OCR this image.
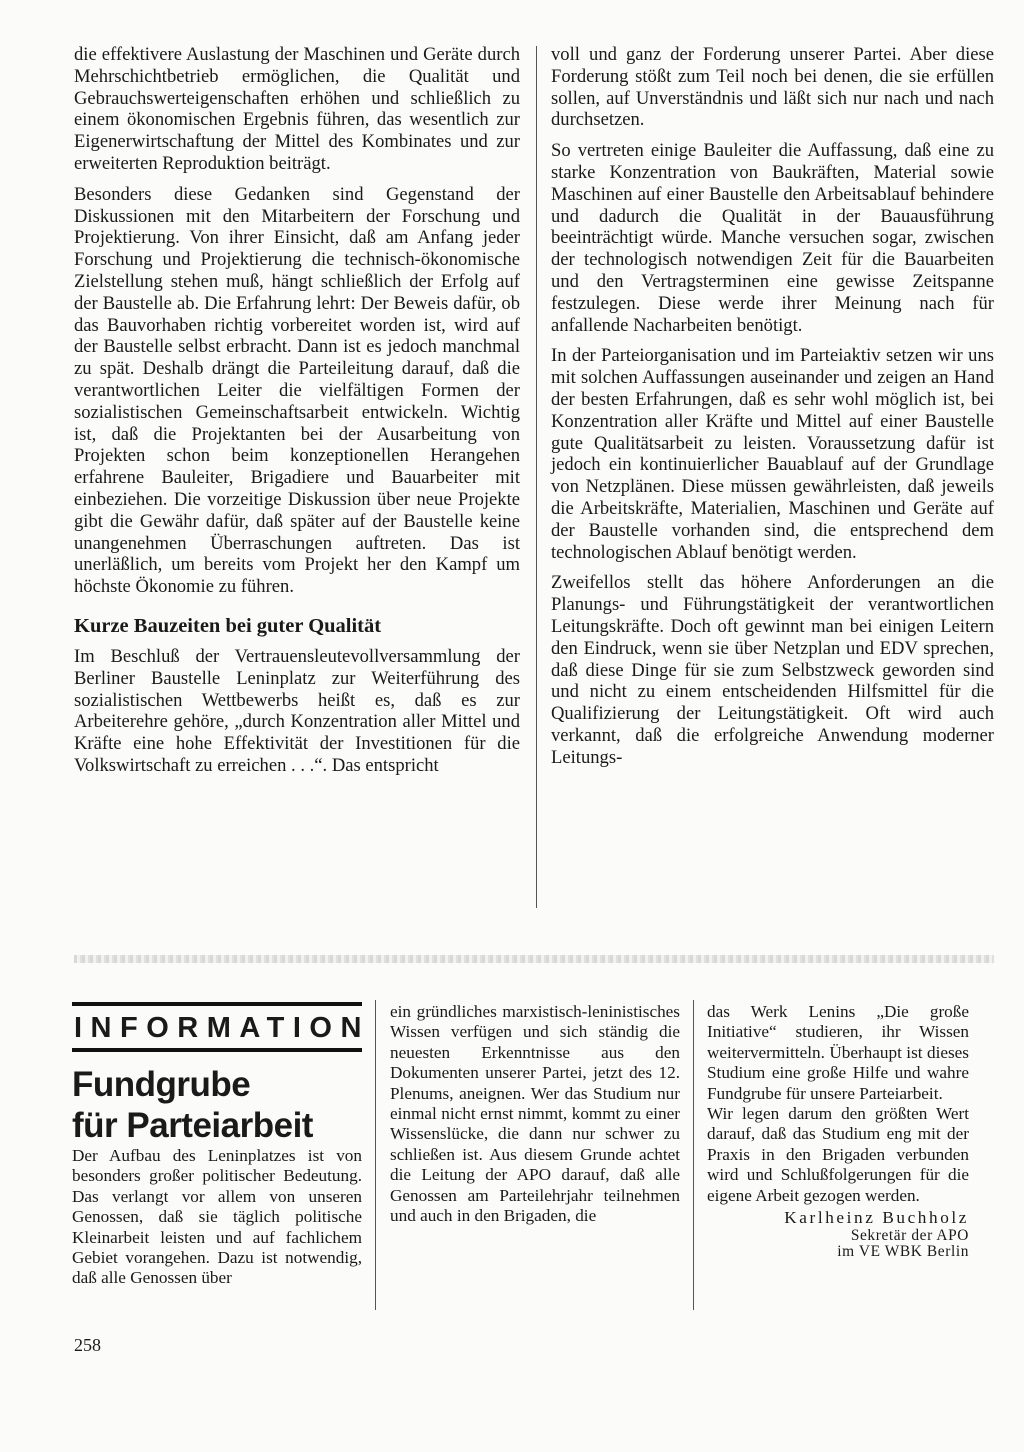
die effektivere Auslastung der Maschinen und Geräte durch Mehrschichtbetrieb ermöglichen, die Qualität und Gebrauchswerteigenschaften erhöhen und schließlich zu einem ökonomischen Ergebnis führen, das wesentlich zur Eigenerwirtschaftung der Mittel des Kombinates und zur erweiterten Reproduktion beiträgt.

Besonders diese Gedanken sind Gegenstand der Diskussionen mit den Mitarbeitern der Forschung und Projektierung. Von ihrer Einsicht, daß am Anfang jeder Forschung und Projektierung die technisch-ökonomische Zielstellung stehen muß, hängt schließlich der Erfolg auf der Baustelle ab. Die Erfahrung lehrt: Der Beweis dafür, ob das Bauvorhaben richtig vorbereitet worden ist, wird auf der Baustelle selbst erbracht. Dann ist es jedoch manchmal zu spät. Deshalb drängt die Parteileitung darauf, daß die verantwortlichen Leiter die vielfältigen Formen der sozialistischen Gemeinschaftsarbeit entwickeln. Wichtig ist, daß die Projektanten bei der Ausarbeitung von Projekten schon beim konzeptionellen Herangehen erfahrene Bauleiter, Brigadiere und Bauarbeiter mit einbeziehen. Die vorzeitige Diskussion über neue Projekte gibt die Gewähr dafür, daß später auf der Baustelle keine unangenehmen Überraschungen auftreten. Das ist unerläßlich, um bereits vom Projekt her den Kampf um höchste Ökonomie zu führen.

Kurze Bauzeiten bei guter Qualität

Im Beschluß der Vertrauensleutevollversammlung der Berliner Baustelle Leninplatz zur Weiterführung des sozialistischen Wettbewerbs heißt es, daß es zur Arbeiterehre gehöre, „durch Konzentration aller Mittel und Kräfte eine hohe Effektivität der Investitionen für die Volkswirtschaft zu erreichen . . .“. Das entspricht

voll und ganz der Forderung unserer Partei. Aber diese Forderung stößt zum Teil noch bei denen, die sie erfüllen sollen, auf Unverständnis und läßt sich nur nach und nach durchsetzen.

So vertreten einige Bauleiter die Auffassung, daß eine zu starke Konzentration von Baukräften, Material sowie Maschinen auf einer Baustelle den Arbeitsablauf behindere und dadurch die Qualität in der Bauausführung beeinträchtigt würde. Manche versuchen sogar, zwischen der technologisch notwendigen Zeit für die Bauarbeiten und den Vertragsterminen eine gewisse Zeitspanne festzulegen. Diese werde ihrer Meinung nach für anfallende Nacharbeiten benötigt.

In der Parteiorganisation und im Parteiaktiv setzen wir uns mit solchen Auffassungen auseinander und zeigen an Hand der besten Erfahrungen, daß es sehr wohl möglich ist, bei Konzentration aller Kräfte und Mittel auf einer Baustelle gute Qualitätsarbeit zu leisten. Voraussetzung dafür ist jedoch ein kontinuierlicher Bauablauf auf der Grundlage von Netzplänen. Diese müssen gewährleisten, daß jeweils die Arbeitskräfte, Materialien, Maschinen und Geräte auf der Baustelle vorhanden sind, die entsprechend dem technologischen Ablauf benötigt werden.

Zweifellos stellt das höhere Anforderungen an die Planungs- und Führungstätigkeit der verantwortlichen Leitungskräfte. Doch oft gewinnt man bei einigen Leitern den Eindruck, wenn sie über Netzplan und EDV sprechen, daß diese Dinge für sie zum Selbstzweck geworden sind und nicht zu einem entscheidenden Hilfsmittel für die Qualifizierung der Leitungstätigkeit. Oft wird auch verkannt, daß die erfolgreiche Anwendung moderner Leitungs-

INFORMATION
Fundgrube
für Parteiarbeit

Der Aufbau des Leninplatzes ist von besonders großer politischer Bedeutung. Das verlangt vor allem von unseren Genossen, daß sie täglich politische Kleinarbeit leisten und auf fachlichem Gebiet vorangehen. Dazu ist notwendig, daß alle Genossen über

ein gründliches marxistisch-leninistisches Wissen verfügen und sich ständig die neuesten Erkenntnisse aus den Dokumenten unserer Partei, jetzt des 12. Plenums, aneignen. Wer das Studium nur einmal nicht ernst nimmt, kommt zu einer Wissenslücke, die dann nur schwer zu schließen ist. Aus diesem Grunde achtet die Leitung der APO darauf, daß alle Genossen am Parteilehrjahr teilnehmen und auch in den Brigaden, die

das Werk Lenins „Die große Initiative“ studieren, ihr Wissen weitervermitteln. Überhaupt ist dieses Studium eine große Hilfe und wahre Fundgrube für unsere Parteiarbeit.

Wir legen darum den größten Wert darauf, daß das Studium eng mit der Praxis in den Brigaden verbunden wird und Schlußfolgerungen für die eigene Arbeit gezogen werden.

Karlheinz Buchholz
Sekretär der APO
im VE WBK Berlin
258
